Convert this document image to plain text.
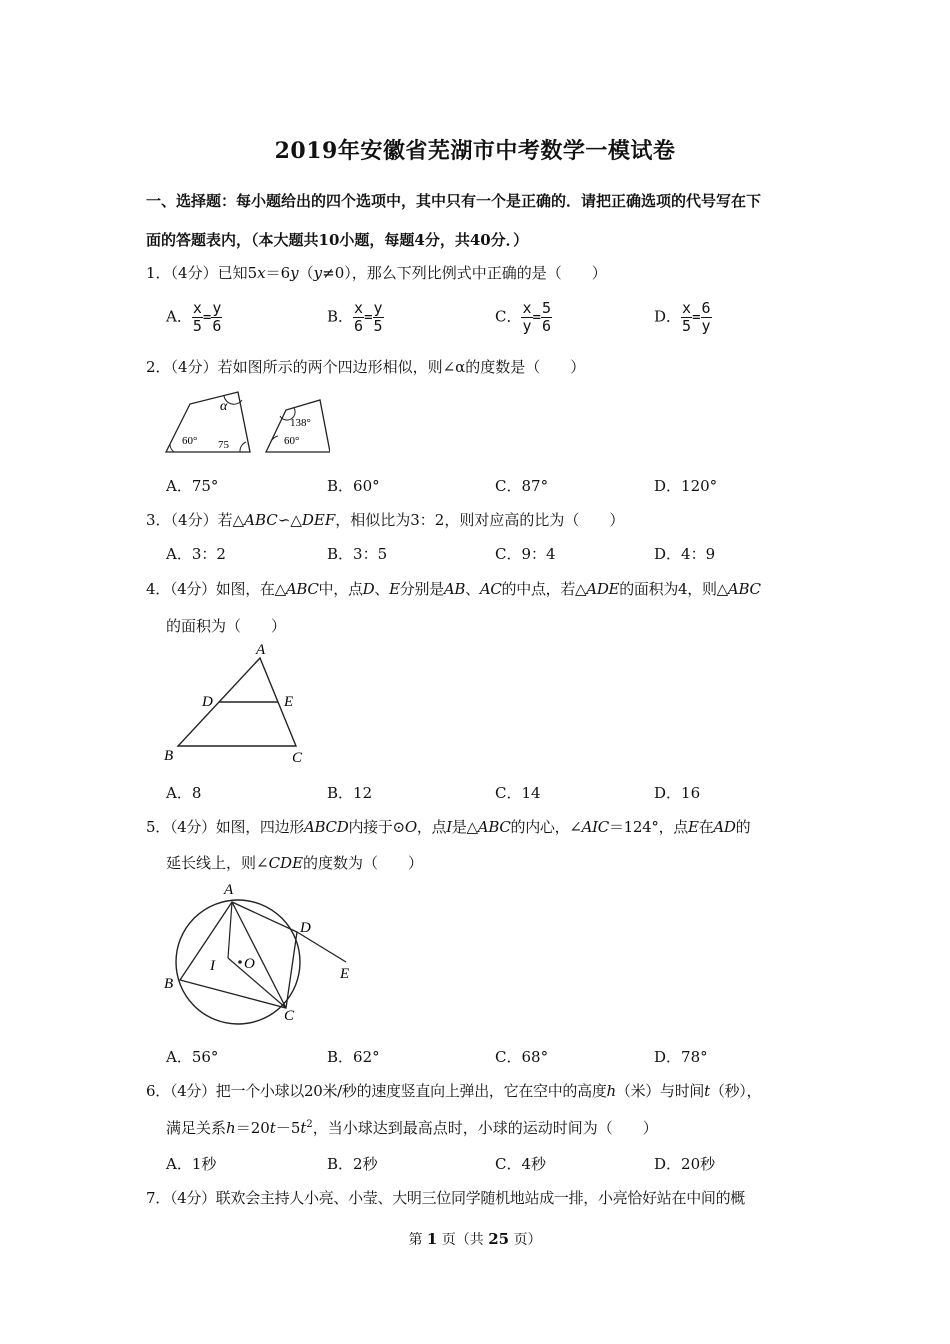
2019年安徽省芜湖市中考数学一模试卷
一、选择题：每小题给出的四个选项中，其中只有一个是正确的．请把正确选项的代号写在下
面的答题表内，（本大题共10小题，每题4分，共40分．）
1．（4分）已知5x＝6y（y≠0），那么下列比例式中正确的是（　　）
A． $\frac{x}{5} = \frac{y}{6}$	B． $\frac{x}{6} = \frac{y}{5}$	C． $\frac{x}{y} = \frac{5}{6}$	D． $\frac{x}{5} = \frac{6}{y}$
2．（4分）若如图所示的两个四边形相似，则∠α的度数是（　　）
60° 75
α
138°
60°
A．75°	B．60°	C．87°	D．120°
3．（4分）若△ABC∽△DEF，相似比为3：2，则对应高的比为（　　）
A．3：2	B．3：5	C．9：4	D．4：9
4．（4分）如图，在△ABC中，点D、E分别是AB、AC的中点，若△ADE的面积为4，则△ABC
的面积为（　　）
A
B	C
D	E
A．8	B．12	C．14	D．16
5．（4分）如图，四边形ABCD内接于⊙O，点I是△ABC的内心，∠AIC＝124°，点E在AD的
延长线上，则∠CDE的度数为（　　）
A
B
C
D
E
I O
A．56°	B．62°	C．68°	D．78°
6．（4分）把一个小球以20米/秒的速度竖直向上弹出，它在空中的高度h（米）与时间t（秒），
满足关系$h=20t-5t^2$，当小球达到最高点时，小球的运动时间为（　　）
A．1秒	B．2秒	C．4秒	D．20秒
7．（4分）联欢会主持人小亮、小莹、大明三位同学随机地站成一排，小亮恰好站在中间的概
第 1 页（共 25 页）
